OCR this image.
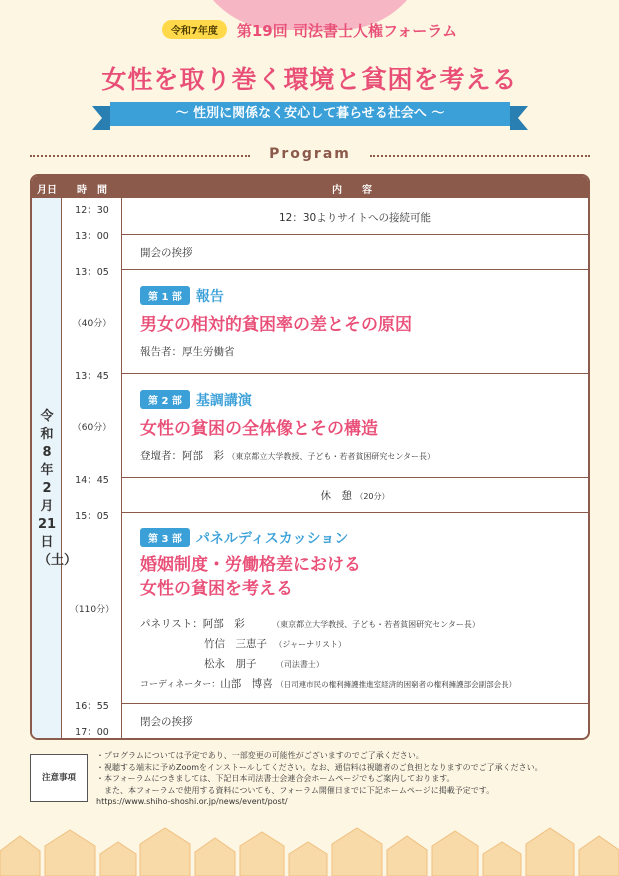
令和7年度 第19回 司法書士人権フォーラム
女性を取り巻く環境と貧困を考える
〜 性別に関係なく安心して暮らせる社会へ 〜
Program
月日 時　間	内　　容
令和8年2月21日（土）
12：30
13：00
13：05
（40分）
13：45
（60分）
14：45
15：05
（110分）
16：55
17：00
12：30よりサイトへの接続可能
開会の挨拶
第 1 部 報告
男女の相対的貧困率の差とその原因
報告者：厚生労働省
第 2 部 基調講演
女性の貧困の全体像とその構造
登壇者：阿部　彩 （東京都立大学教授、子ども・若者貧困研究センター長）
休　憩 （20分）
第 3 部 パネルディスカッション
婚姻制度・労働格差における
女性の貧困を考える
パネリスト：阿部　彩	（東京都立大学教授、子ども・若者貧困研究センター長）
竹信　三恵子 （ジャーナリスト）
松永　朋子 （司法書士）
コーディネーター：山部　博喜 （日司連市民の権利擁護推進室経済的困窮者の権利擁護部会副部会長）
閉会の挨拶
注意事項
・プログラムについては予定であり、一部変更の可能性がございますのでご了承ください。
・視聴する端末に予めZoomをインストールしてください。なお、通信料は視聴者のご負担となりますのでご了承ください。
・本フォーラムにつきましては、下記日本司法書士会連合会ホームページでもご案内しております。
　また、本フォーラムで使用する資料についても、フォーラム開催日までに下記ホームページに掲載予定です。
https://www.shiho-shoshi.or.jp/news/event/post/
